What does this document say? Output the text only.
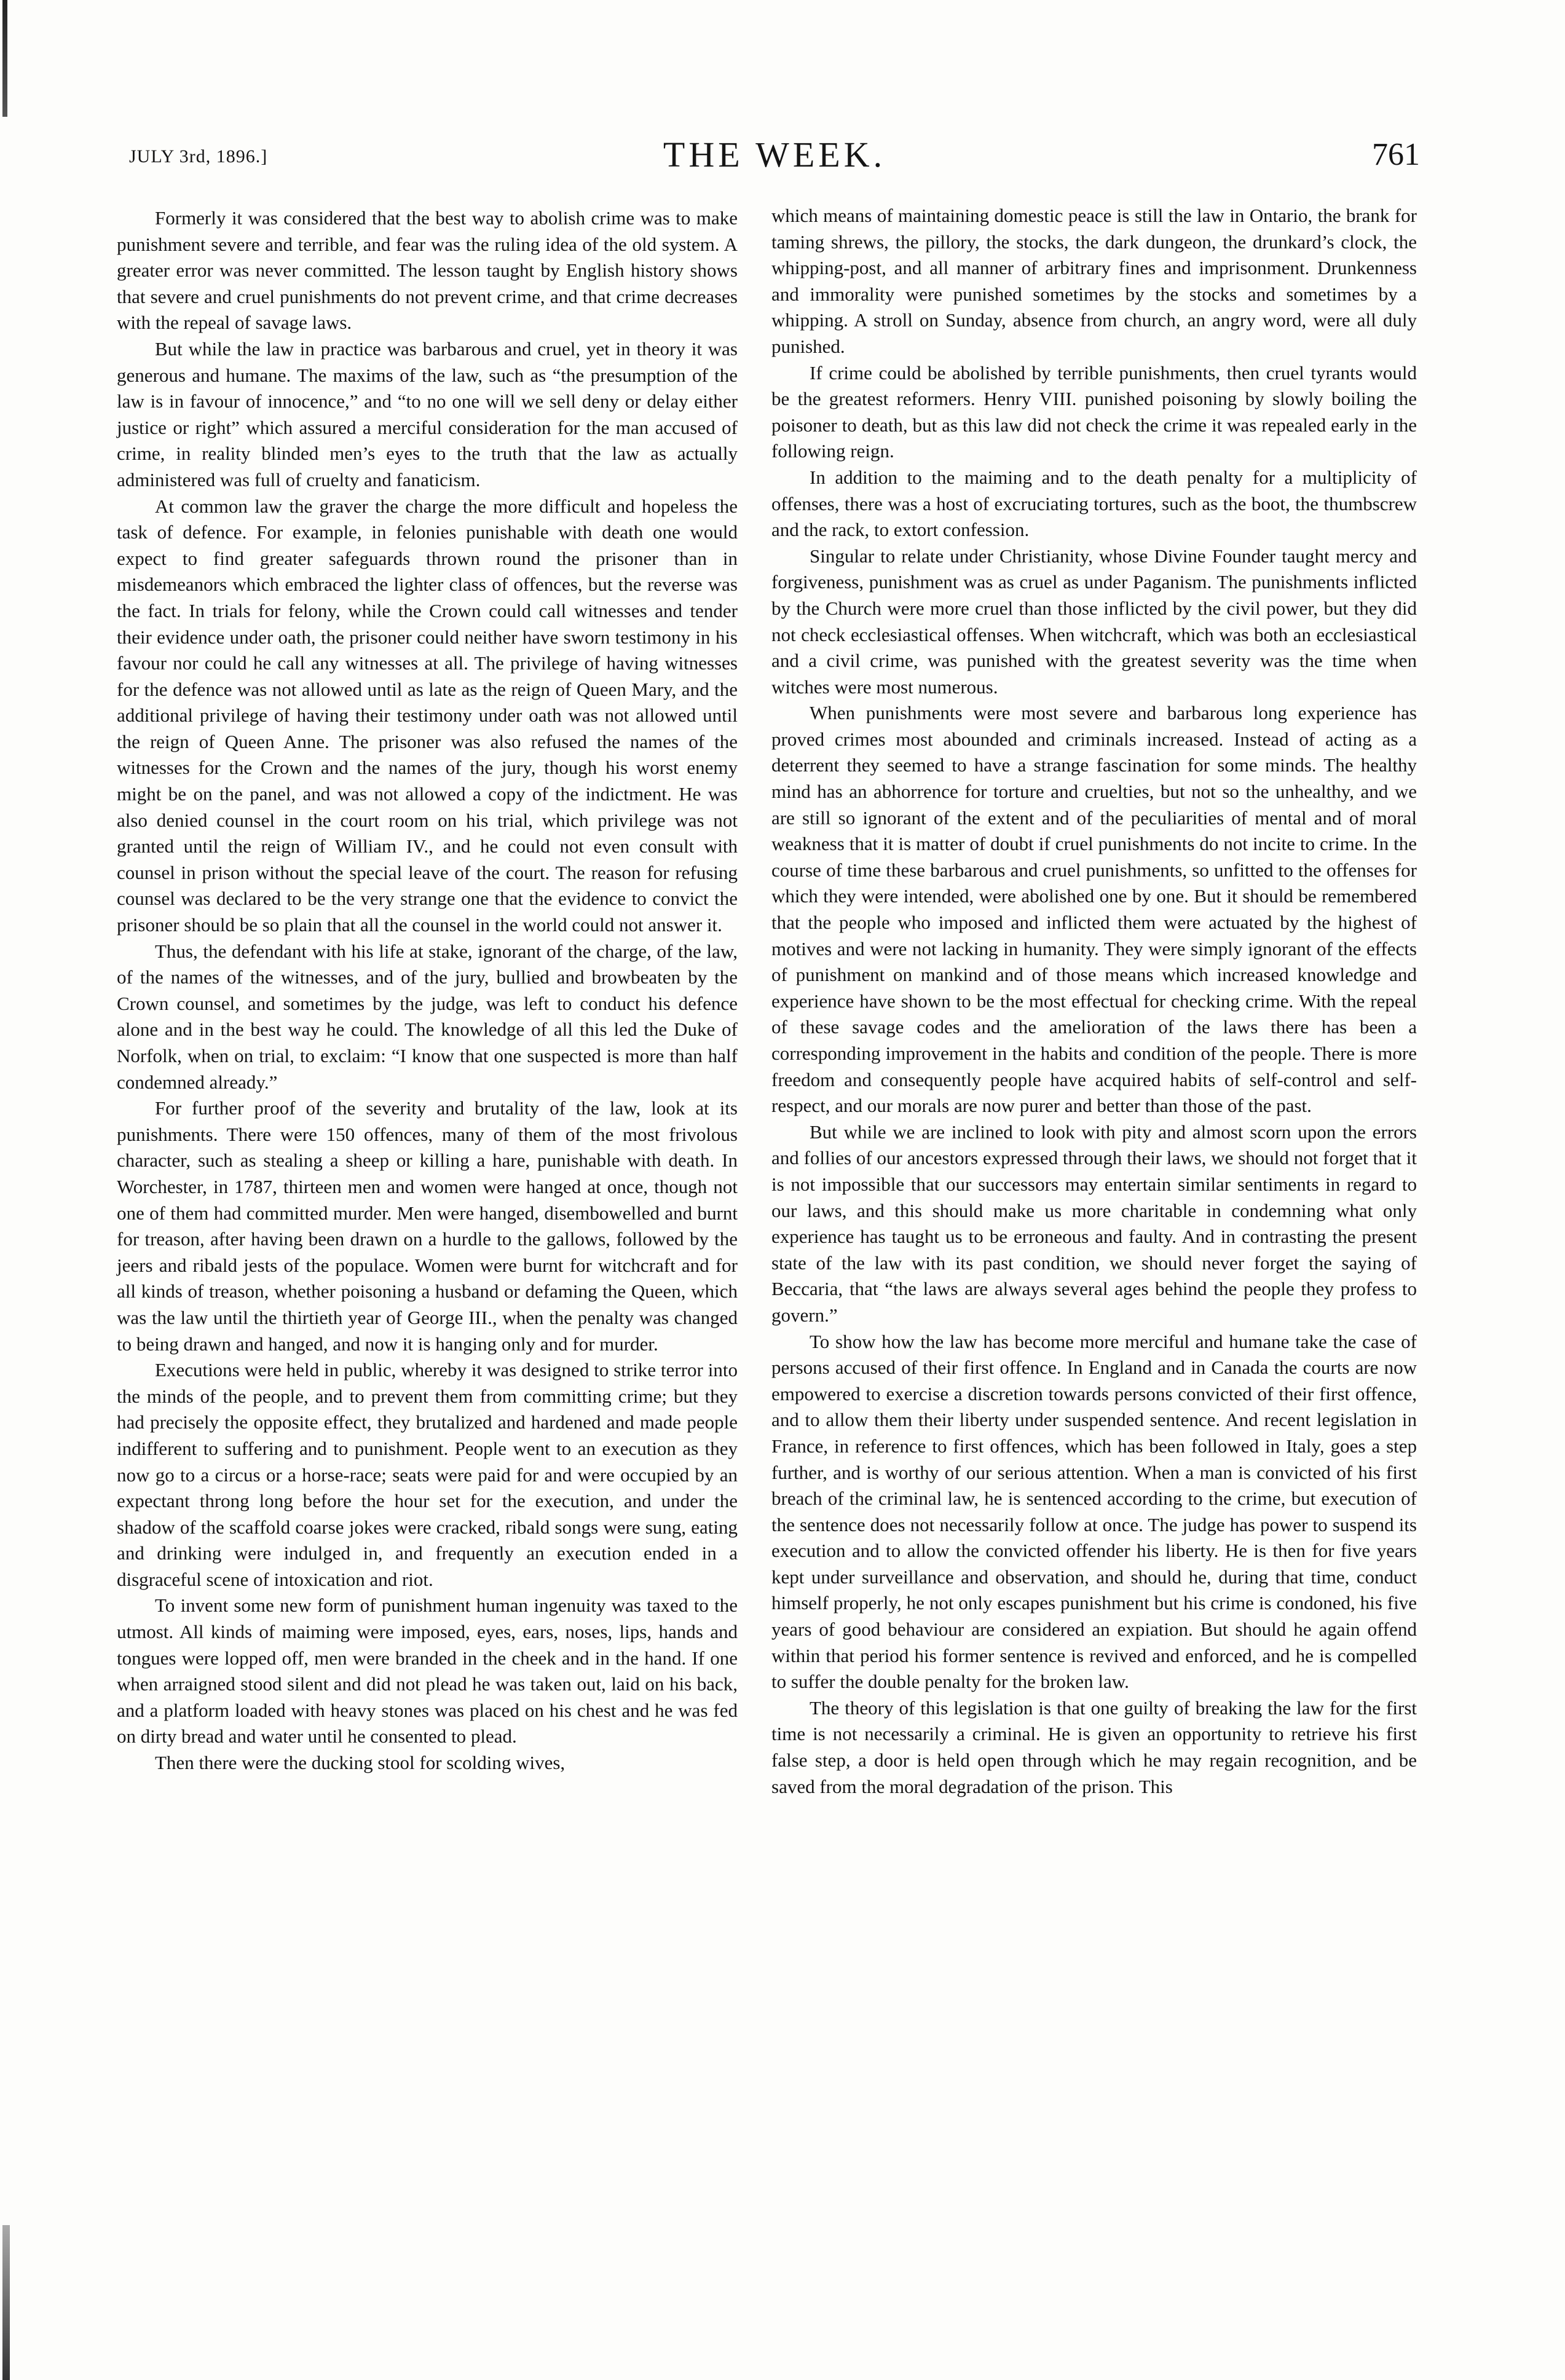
JULY 3rd, 1896.]	THE WEEK.	761

Formerly it was considered that the best way to abolish crime was to make punishment severe and terrible, and fear was the ruling idea of the old system. A greater error was never committed. The lesson taught by English history shows that severe and cruel punishments do not prevent crime, and that crime decreases with the repeal of savage laws.

But while the law in practice was barbarous and cruel, yet in theory it was generous and humane. The maxims of the law, such as “the presumption of the law is in favour of innocence,” and “to no one will we sell deny or delay either justice or right” which assured a merciful consideration for the man accused of crime, in reality blinded men’s eyes to the truth that the law as actually administered was full of cruelty and fanaticism.

At common law the graver the charge the more difficult and hopeless the task of defence. For example, in felonies punishable with death one would expect to find greater safeguards thrown round the prisoner than in misdemeanors which embraced the lighter class of offences, but the reverse was the fact. In trials for felony, while the Crown could call witnesses and tender their evidence under oath, the prisoner could neither have sworn testimony in his favour nor could he call any witnesses at all. The privilege of having witnesses for the defence was not allowed until as late as the reign of Queen Mary, and the additional privilege of having their testimony under oath was not allowed until the reign of Queen Anne. The prisoner was also refused the names of the witnesses for the Crown and the names of the jury, though his worst enemy might be on the panel, and was not allowed a copy of the indictment. He was also denied counsel in the court room on his trial, which privilege was not granted until the reign of William IV., and he could not even consult with counsel in prison without the special leave of the court. The reason for refusing counsel was declared to be the very strange one that the evidence to convict the prisoner should be so plain that all the counsel in the world could not answer it.

Thus, the defendant with his life at stake, ignorant of the charge, of the law, of the names of the witnesses, and of the jury, bullied and browbeaten by the Crown counsel, and sometimes by the judge, was left to conduct his defence alone and in the best way he could. The knowledge of all this led the Duke of Norfolk, when on trial, to exclaim: “I know that one suspected is more than half condemned already.”

For further proof of the severity and brutality of the law, look at its punishments. There were 150 offences, many of them of the most frivolous character, such as stealing a sheep or killing a hare, punishable with death. In Worchester, in 1787, thirteen men and women were hanged at once, though not one of them had committed murder. Men were hanged, disembowelled and burnt for treason, after having been drawn on a hurdle to the gallows, followed by the jeers and ribald jests of the populace. Women were burnt for witchcraft and for all kinds of treason, whether poisoning a husband or defaming the Queen, which was the law until the thirtieth year of George III., when the penalty was changed to being drawn and hanged, and now it is hanging only and for murder.

Executions were held in public, whereby it was designed to strike terror into the minds of the people, and to prevent them from committing crime; but they had precisely the opposite effect, they brutalized and hardened and made people indifferent to suffering and to punishment. People went to an execution as they now go to a circus or a horse-race; seats were paid for and were occupied by an expectant throng long before the hour set for the execution, and under the shadow of the scaffold coarse jokes were cracked, ribald songs were sung, eating and drinking were indulged in, and frequently an execution ended in a disgraceful scene of intoxication and riot.

To invent some new form of punishment human ingenuity was taxed to the utmost. All kinds of maiming were imposed, eyes, ears, noses, lips, hands and tongues were lopped off, men were branded in the cheek and in the hand. If one when arraigned stood silent and did not plead he was taken out, laid on his back, and a platform loaded with heavy stones was placed on his chest and he was fed on dirty bread and water until he consented to plead.

Then there were the ducking stool for scolding wives,

which means of maintaining domestic peace is still the law in Ontario, the brank for taming shrews, the pillory, the stocks, the dark dungeon, the drunkard’s clock, the whipping-post, and all manner of arbitrary fines and imprisonment. Drunkenness and immorality were punished sometimes by the stocks and sometimes by a whipping. A stroll on Sunday, absence from church, an angry word, were all duly punished.

If crime could be abolished by terrible punishments, then cruel tyrants would be the greatest reformers. Henry VIII. punished poisoning by slowly boiling the poisoner to death, but as this law did not check the crime it was repealed early in the following reign.

In addition to the maiming and to the death penalty for a multiplicity of offenses, there was a host of excruciating tortures, such as the boot, the thumbscrew and the rack, to extort confession.

Singular to relate under Christianity, whose Divine Founder taught mercy and forgiveness, punishment was as cruel as under Paganism. The punishments inflicted by the Church were more cruel than those inflicted by the civil power, but they did not check ecclesiastical offenses. When witchcraft, which was both an ecclesiastical and a civil crime, was punished with the greatest severity was the time when witches were most numerous.

When punishments were most severe and barbarous long experience has proved crimes most abounded and criminals increased. Instead of acting as a deterrent they seemed to have a strange fascination for some minds. The healthy mind has an abhorrence for torture and cruelties, but not so the unhealthy, and we are still so ignorant of the extent and of the peculiarities of mental and of moral weakness that it is matter of doubt if cruel punishments do not incite to crime. In the course of time these barbarous and cruel punishments, so unfitted to the offenses for which they were intended, were abolished one by one. But it should be remembered that the people who imposed and inflicted them were actuated by the highest of motives and were not lacking in humanity. They were simply ignorant of the effects of punishment on mankind and of those means which increased knowledge and experience have shown to be the most effectual for checking crime. With the repeal of these savage codes and the amelioration of the laws there has been a corresponding improvement in the habits and condition of the people. There is more freedom and consequently people have acquired habits of self-control and self-respect, and our morals are now purer and better than those of the past.

But while we are inclined to look with pity and almost scorn upon the errors and follies of our ancestors expressed through their laws, we should not forget that it is not impossible that our successors may entertain similar sentiments in regard to our laws, and this should make us more charitable in condemning what only experience has taught us to be erroneous and faulty. And in contrasting the present state of the law with its past condition, we should never forget the saying of Beccaria, that “the laws are always several ages behind the people they profess to govern.”

To show how the law has become more merciful and humane take the case of persons accused of their first offence. In England and in Canada the courts are now empowered to exercise a discretion towards persons convicted of their first offence, and to allow them their liberty under suspended sentence. And recent legislation in France, in reference to first offences, which has been followed in Italy, goes a step further, and is worthy of our serious attention. When a man is convicted of his first breach of the criminal law, he is sentenced according to the crime, but execution of the sentence does not necessarily follow at once. The judge has power to suspend its execution and to allow the convicted offender his liberty. He is then for five years kept under surveillance and observation, and should he, during that time, conduct himself properly, he not only escapes punishment but his crime is condoned, his five years of good behaviour are considered an expiation. But should he again offend within that period his former sentence is revived and enforced, and he is compelled to suffer the double penalty for the broken law.

The theory of this legislation is that one guilty of breaking the law for the first time is not necessarily a criminal. He is given an opportunity to retrieve his first false step, a door is held open through which he may regain recognition, and be saved from the moral degradation of the prison. This
